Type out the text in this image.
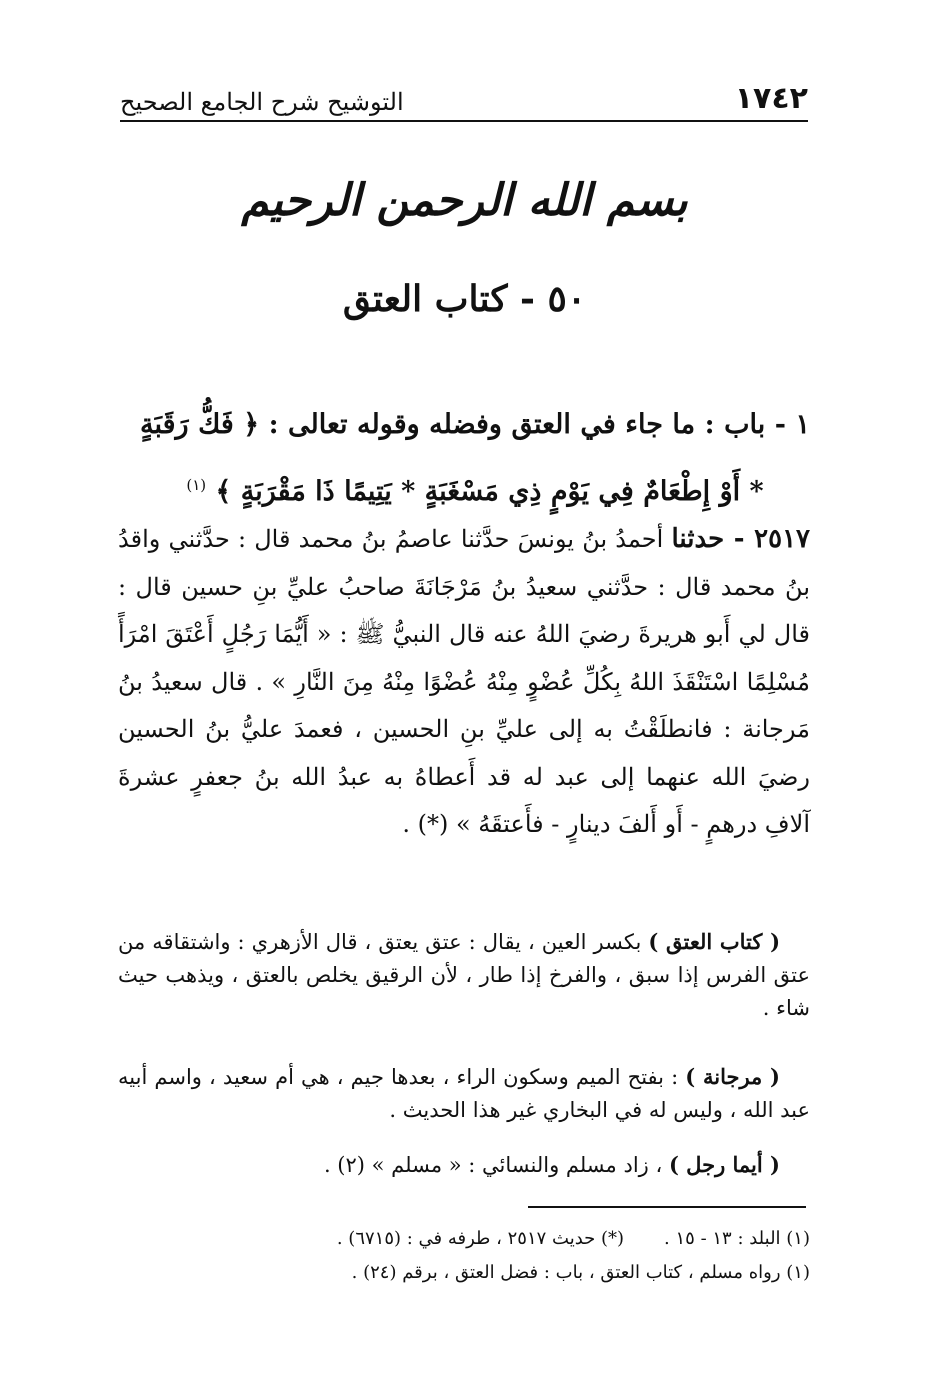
١٧٤٢
التوشيح شرح الجامع الصحيح
بسم الله الرحمن الرحيم
٥٠ - كتاب العتق
١ - باب : ما جاء في العتق وفضله وقوله تعالى : ﴿ فَكُّ رَقَبَةٍ * أَوْ إِطْعَامٌ فِي يَوْمٍ ذِي مَسْغَبَةٍ * يَتِيمًا ذَا مَقْرَبَةٍ ﴾ $^{(١)}$
٢٥١٧ - حدثنا أحمدُ بنُ يونسَ حدَّثنا عاصمُ بنُ محمد قال : حدَّثني واقدُ بنُ محمد قال : حدَّثني سعيدُ بنُ مَرْجَانَةَ صاحبُ عليِّ بنِ حسين قال : قال لي أَبو هريرةَ رضيَ اللهُ عنه قال النبيُّ ﷺ : « أَيُّمَا رَجُلٍ أَعْتَقَ امْرَأً مُسْلِمًا اسْتَنْقَذَ اللهُ بِكُلِّ عُضْوٍ مِنْهُ عُضْوًا مِنْهُ مِنَ النَّارِ » . قال سعيدُ بنُ مَرجانة : فانطلَقْتُ به إلى عليِّ بنِ الحسين ، فعمدَ عليُّ بنُ الحسين رضيَ الله عنهما إلى عبد له قد أَعطاهُ به عبدُ الله بنُ جعفرٍ عشرةَ آلافِ درهمٍ - أَو أَلفَ دينارٍ - فأَعتقَهُ » (*) .
( كتاب العتق ) بكسر العين ، يقال : عتق يعتق ، قال الأزهري : واشتقاقه من عتق الفرس إذا سبق ، والفرخ إذا طار ، لأن الرقيق يخلص بالعتق ، ويذهب حيث شاء .
( مرجانة ) : بفتح الميم وسكون الراء ، بعدها جيم ، هي أم سعيد ، واسم أبيه عبد الله ، وليس له في البخاري غير هذا الحديث .
( أيما رجل ) ، زاد مسلم والنسائي : « مسلم » (٢) .
(١) البلد : ١٣ - ١٥ .
(*) حديث ٢٥١٧ ، طرفه في : (٦٧١٥) .
(١) رواه مسلم ، كتاب العتق ، باب : فضل العتق ، برقم (٢٤) .
